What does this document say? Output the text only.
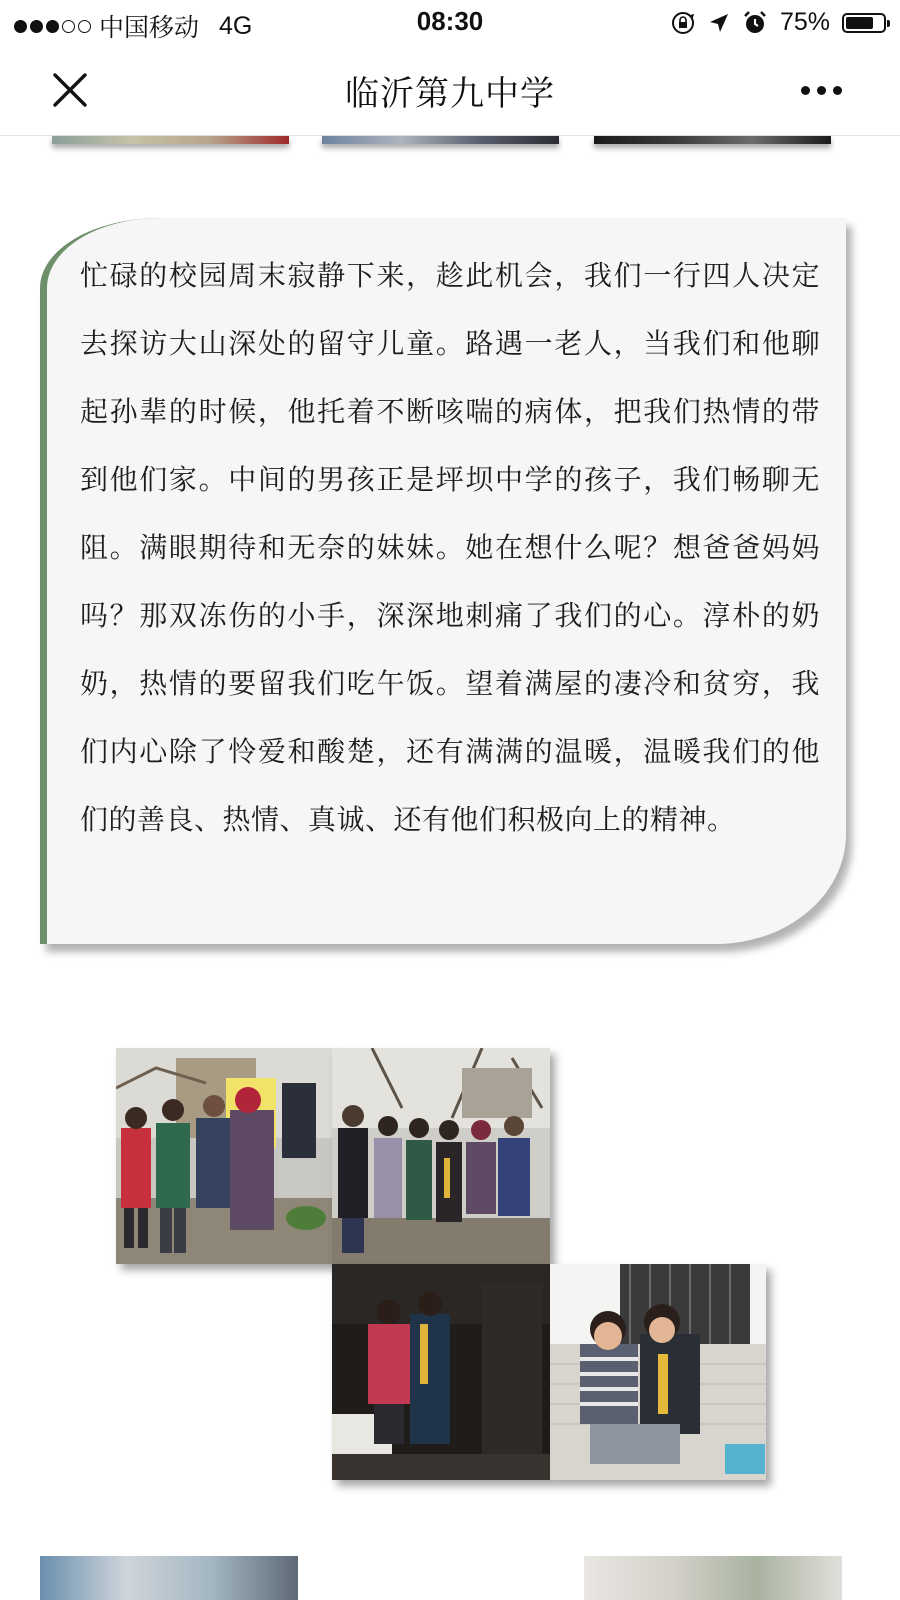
中国移动 4G	08:30	75%
临沂第九中学
忙碌的校园周末寂静下来，趁此机会，我们一行四人决定去探访大山深处的留守儿童。路遇一老人，当我们和他聊起孙辈的时候，他托着不断咳喘的病体，把我们热情的带到他们家。中间的男孩正是坪坝中学的孩子，我们畅聊无阻。满眼期待和无奈的妹妹。她在想什么呢？想爸爸妈妈吗？那双冻伤的小手，深深地刺痛了我们的心。淳朴的奶奶，热情的要留我们吃午饭。望着满屋的凄冷和贫穷，我们内心除了怜爱和酸楚，还有满满的温暖，温暖我们的他们的善良、热情、真诚、还有他们积极向上的精神。
